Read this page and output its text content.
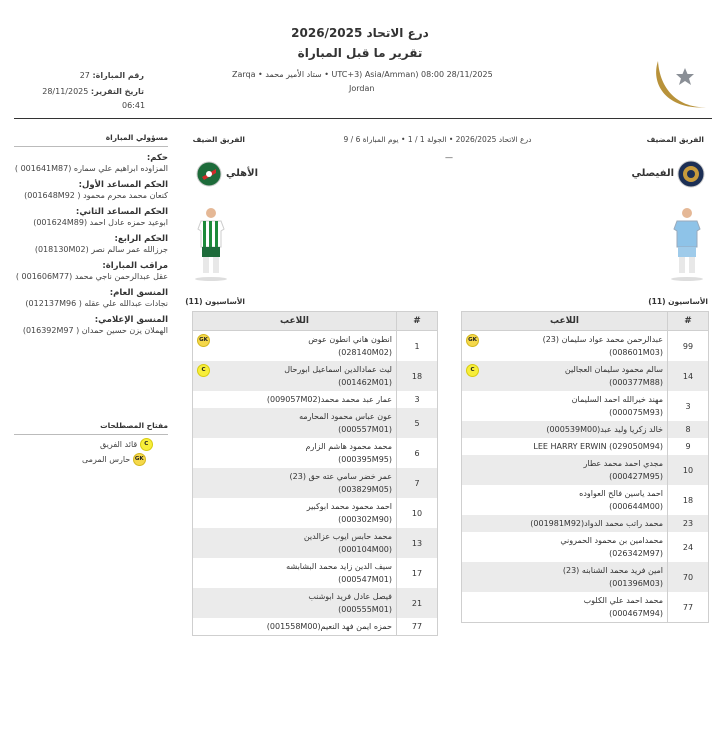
درع الاتحاد 2026/2025
تقرير ما قبل المباراة
Zarqa • ستاد الأمير محمد • UTC+3) Asia/Amman) 08:00 28/11/2025
Jordan
رقم المباراة: 27
تاريخ التقرير: 28/11/2025
06:41
الفريق الضيف	درع الاتحاد 2026/2025 • الجولة 1 / 1 • يوم المباراة 6 / 9	الفريق المضيف
—
الأهلي	الفيصلي
الأساسيون (11)	الأساسيون (11)
مسؤولي المباراة
حكم:
المزاوده ابراهيم علي سماره (001641M87 )
الحكم المساعد الأول:
كنعان محمد محرم محمود ( 001648M92)
الحكم المساعد الثاني:
ابوعيد حمزه عادل احمد (001624M89)
الحكم الرابع:
جرزالله عمر سالم نصر (018130M02)
مراقب المباراة:
عقل عبدالرحمن ناجي محمد (001606M77 )
المنسق العام:
نجادات عبدالله علي عقله ( 012137M96)
المنسق الإعلامي:
الهملان يزن حسين حمدان ( 016392M97)
مفتاح المصطلحات
C قائد الفريق
GK حارس المرمى
#	اللاعب
1	GK انطون هاني انطون عوض
(028140M02)

18	C ليث عمادالدين اسماعيل ابورحال
(001462M01)

3	عمار عبد محمد محمد(009057M02)

5	عون عباس محمود المحارمه
(000557M01)

6	محمد محمود هاشم الزارم
(000395M95)

7	عمر خضر سامي عته حق (23)
(003829M05)

10	احمد محمود محمد ابوكبير
(000302M90)

13	محمد حابس ايوب عزالدين
(000104M00)

17	سيف الدين زايد محمد البشابشه
(000547M01)

21	فيصل عادل فريد ابوشنب
(000555M01)

77	حمزه ايمن فهد النعيم(001558M00)
#	اللاعب
99	GK عبدالرحمن محمد عواد سليمان (23)
(008601M03)

14	C سالم محمود سليمان العجالين
(000377M88)

3	مهند خيرالله احمد السليمان
(000075M93)

8	خالد زكريا وليد عبد(000539M00)

9	LEE HARRY ERWIN (029050M94)

10	مجدي احمد محمد عطار
(000427M95)

18	احمد ياسين فالح العواوده
(000644M00)

23	محمد راتب محمد الدواد(001981M92)

24	محمدامين بن محمود الحمروني
(026342M97)

70	امين فريد محمد الشنابنه (23)
(001396M03)

77	محمد احمد علي الكلوب
(000467M94)
